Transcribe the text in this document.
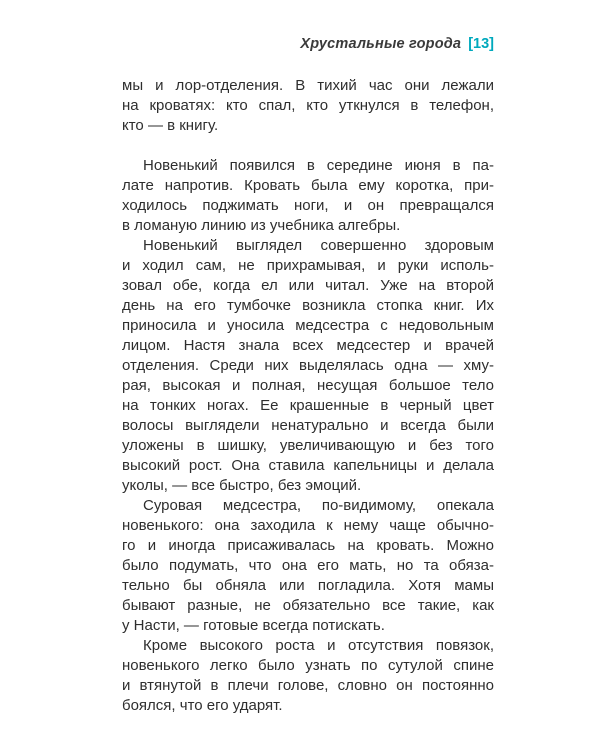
Хрустальные города [13]
мы и лор-отделения. В тихий час они лежали
на кроватях: кто спал, кто уткнулся в телефон,
кто — в книгу.
Новенький появился в середине июня в па-
лате напротив. Кровать была ему коротка, при-
ходилось поджимать ноги, и он превращался
в ломаную линию из учебника алгебры.
Новенький выглядел совершенно здоровым
и ходил сам, не прихрамывая, и руки исполь-
зовал обе, когда ел или читал. Уже на второй
день на его тумбочке возникла стопка книг. Их
приносила и уносила медсестра с недовольным
лицом. Настя знала всех медсестер и врачей
отделения. Среди них выделялась одна — хму-
рая, высокая и полная, несущая большое тело
на тонких ногах. Ее крашенные в черный цвет
волосы выглядели ненатурально и всегда были
уложены в шишку, увеличивающую и без того
высокий рост. Она ставила капельницы и делала
уколы, — все быстро, без эмоций.
Суровая медсестра, по-видимому, опекала
новенького: она заходила к нему чаще обычно-
го и иногда присаживалась на кровать. Можно
было подумать, что она его мать, но та обяза-
тельно бы обняла или погладила. Хотя мамы
бывают разные, не обязательно все такие, как
у Насти, — готовые всегда потискать.
Кроме высокого роста и отсутствия повязок,
новенького легко было узнать по сутулой спине
и втянутой в плечи голове, словно он постоянно
боялся, что его ударят.
